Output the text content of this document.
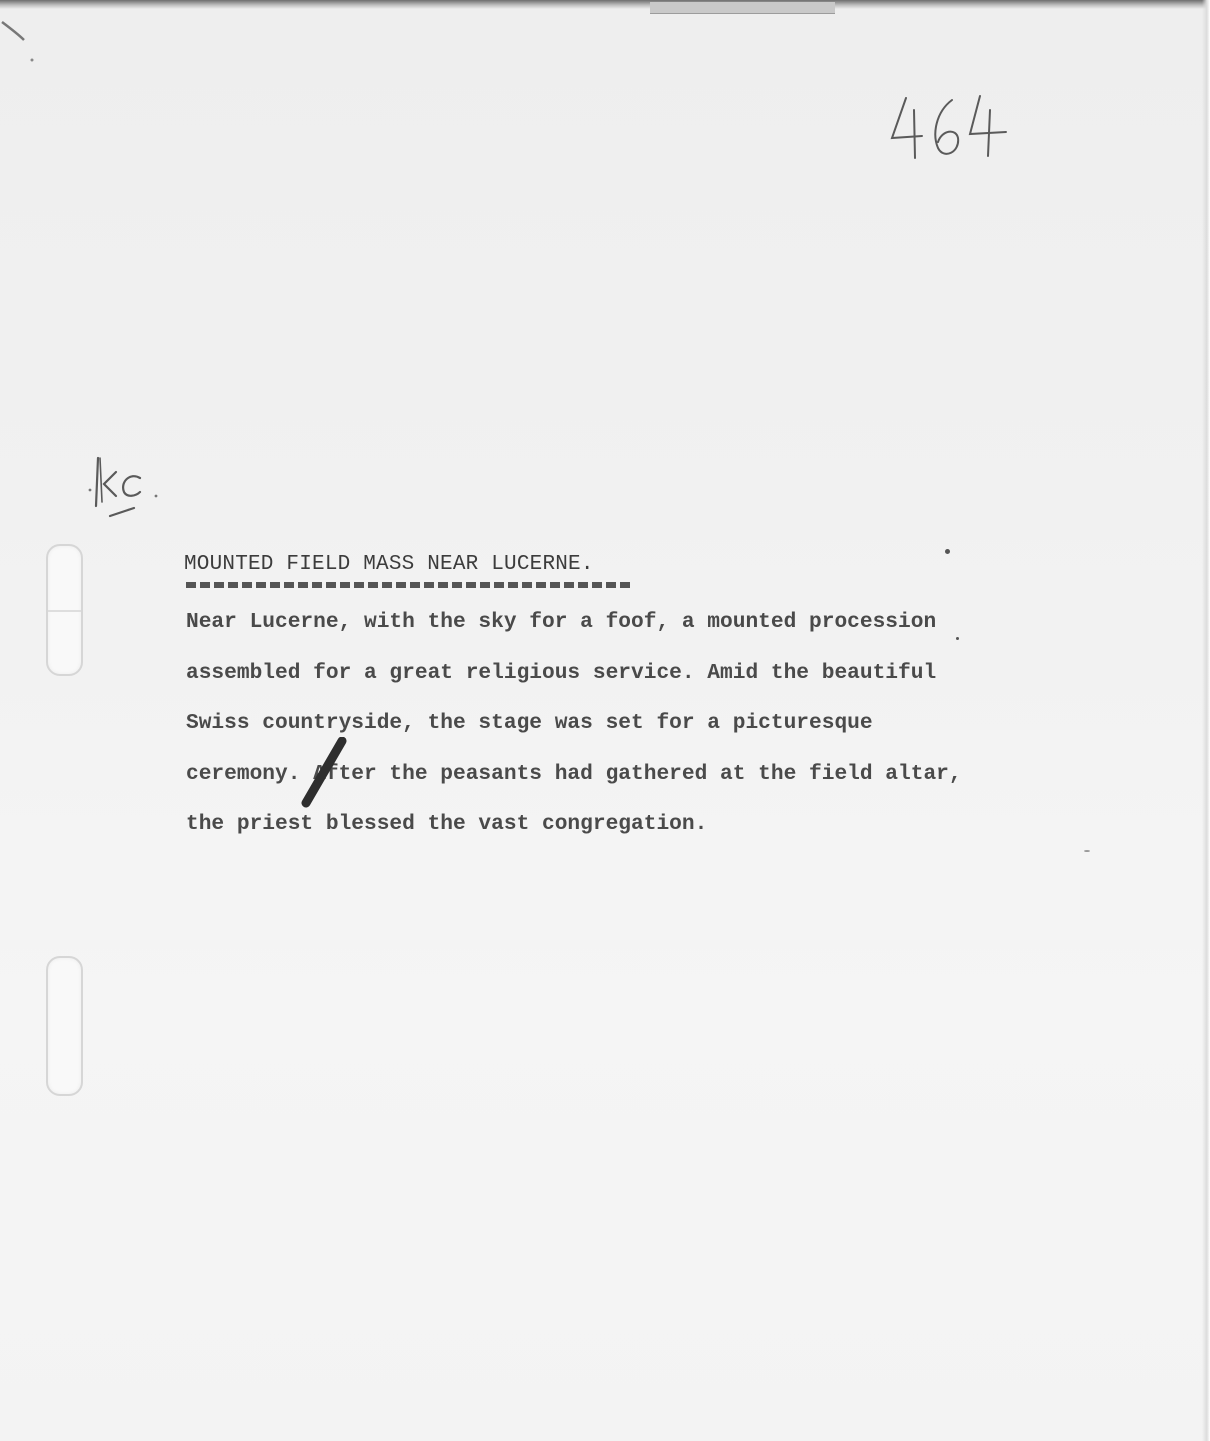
MOUNTED FIELD MASS NEAR LUCERNE.
Near Lucerne, with the sky for a foof, a mounted procession
assembled for a great religious service. Amid the beautiful
Swiss countryside, the stage was set for a picturesque
ceremony. After the peasants had gathered at the field altar,
the priest blessed the vast congregation.
